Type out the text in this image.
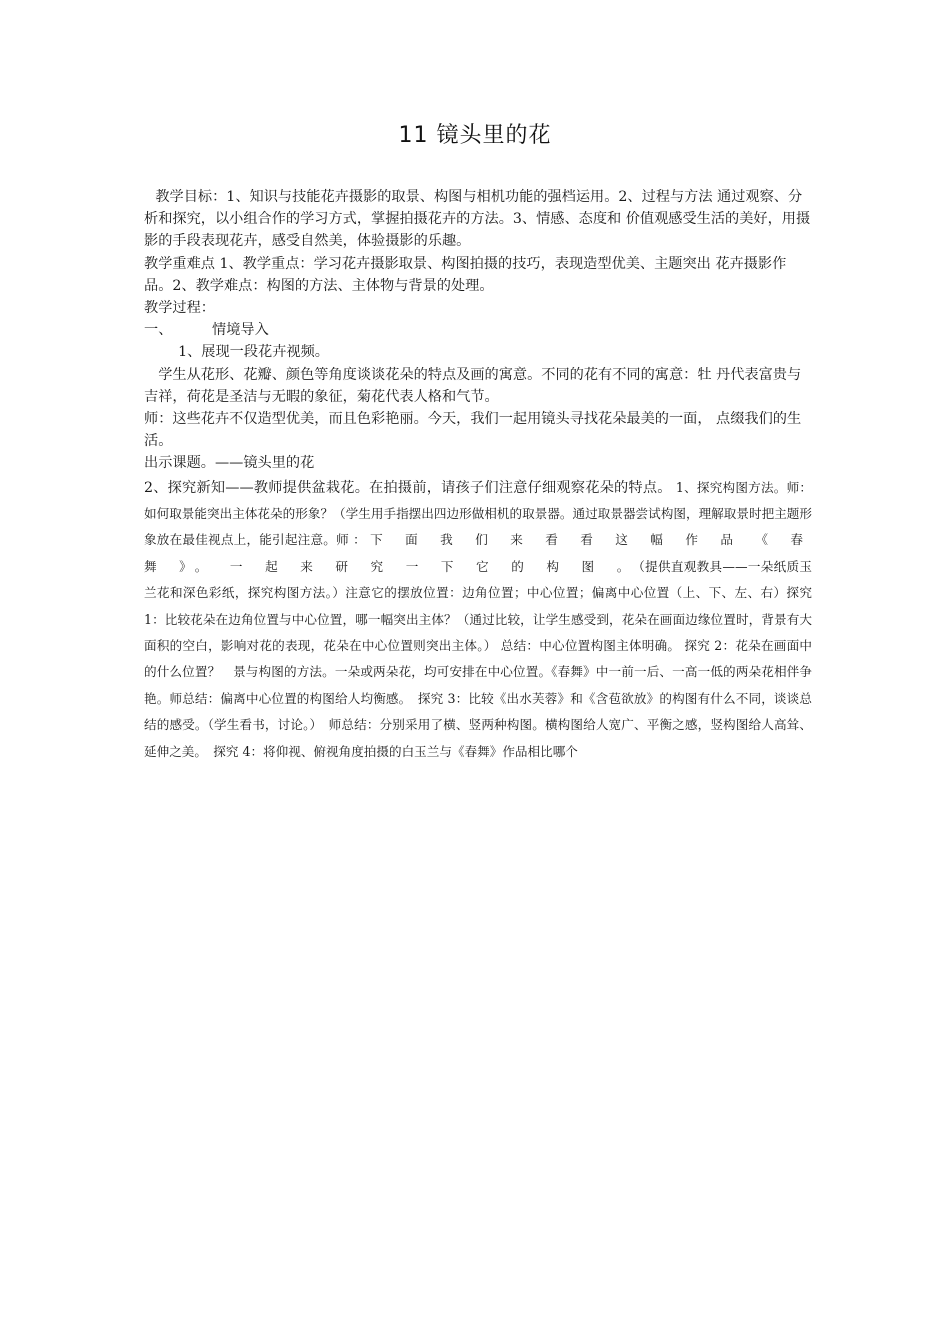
11 镜头里的花

教学目标：1、知识与技能花卉摄影的取景、构图与相机功能的强档运用。2、过程与方法 通过观察、分析和探究，以小组合作的学习方式，掌握拍摄花卉的方法。3、情感、态度和 价值观感受生活的美好，用摄影的手段表现花卉，感受自然美，体验摄影的乐趣。

教学重难点 1、教学重点：学习花卉摄影取景、构图拍摄的技巧，表现造型优美、主题突出 花卉摄影作品。2、教学难点：构图的方法、主体物与背景的处理。

教学过程：

一、	情境导入

1、展现一段花卉视频。

学生从花形、花瓣、颜色等角度谈谈花朵的特点及画的寓意。不同的花有不同的寓意：牡 丹代表富贵与吉祥，荷花是圣洁与无暇的象征，菊花代表人格和气节。

师：这些花卉不仅造型优美，而且色彩艳丽。今天，我们一起用镜头寻找花朵最美的一面， 点缀我们的生活。

出示课题。——镜头里的花

2、探究新知——教师提供盆栽花。在拍摄前，请孩子们注意仔细观察花朵的特点。 1、探究构图方法。师：如何取景能突出主体花朵的形象？（学生用手指摆出四边形做相机的取景器。通过取景器尝试构图，理解取景时把主题形象放在最佳视点上，能引起注意。师 ： 下 面 我 们 来 看 看 这 幅 作 品 《 春 舞 》。 一 起 来 研 究 一 下 它 的 构 图 。（提供直观教具——一朵纸质玉兰花和深色彩纸，探究构图方法。）注意它的摆放位置：边角位置；中心位置；偏离中心位置（上、下、左、右）探究 1：比较花朵在边角位置与中心位置，哪一幅突出主体？（通过比较，让学生感受到，花朵在画面边缘位置时，背景有大面积的空白，影响对花的表现，花朵在中心位置则突出主体。） 总结：中心位置构图主体明确。 探究 2：花朵在画面中的什么位置？　景与构图的方法。一朵或两朵花，均可安排在中心位置。《春舞》中一前一后、一高一低的两朵花相伴争艳。师总结：偏离中心位置的构图给人均衡感。　探究 3：比较《出水芙蓉》和《含苞欲放》的构图有什么不同，谈谈总结的感受。（学生看书，讨论。）　师总结：分别采用了横、竖两种构图。横构图给人宽广、平衡之感，竖构图给人高耸、延伸之美。　探究 4：将仰视、俯视角度拍摄的白玉兰与《春舞》作品相比哪个
